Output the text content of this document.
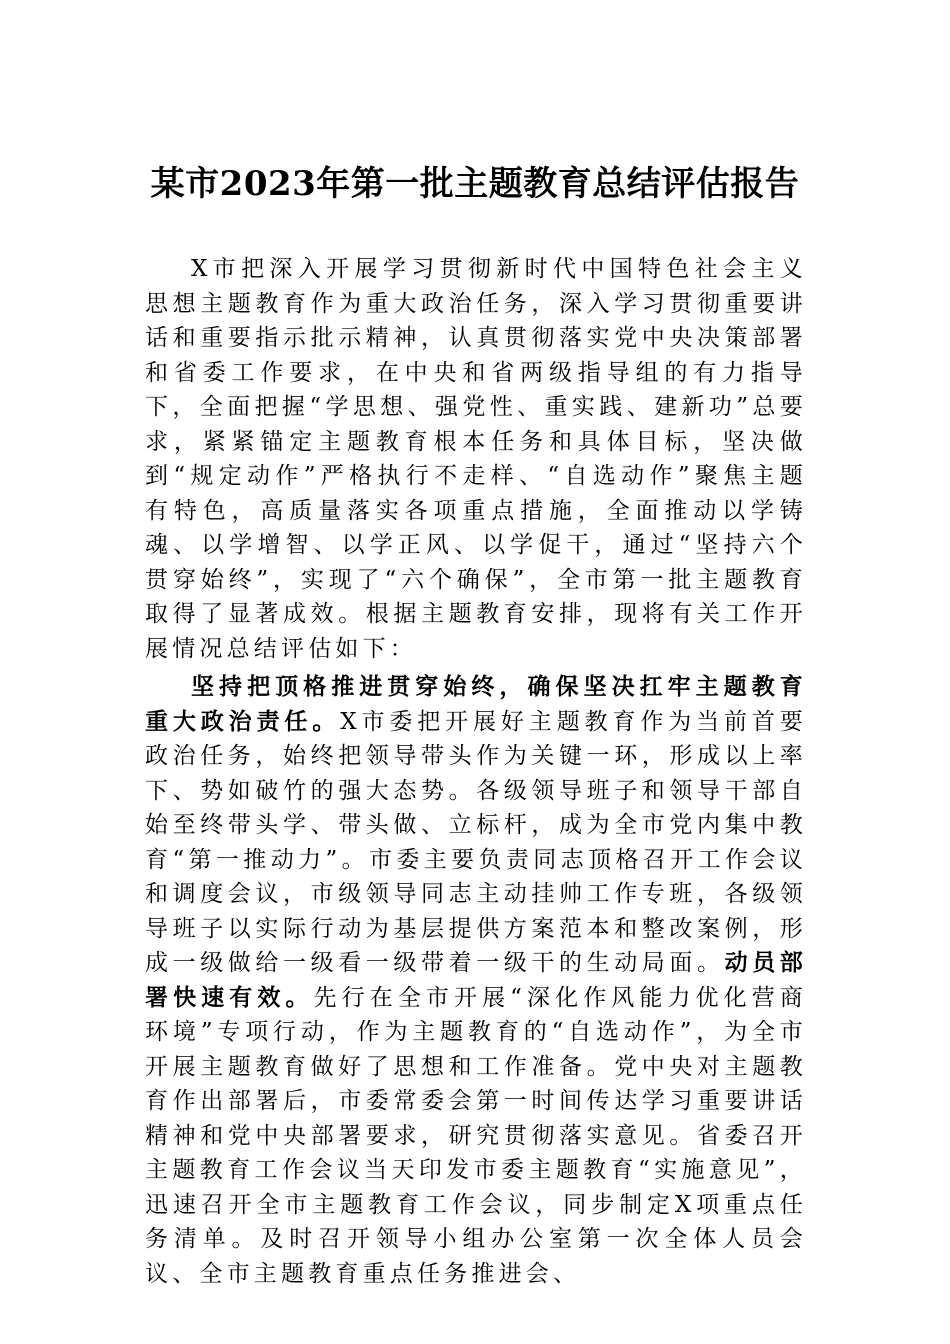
某市2023年第一批主题教育总结评估报告

X市把深入开展学习贯彻新时代中国特色社会主义思想主题教育作为重大政治任务，深入学习贯彻重要讲话和重要指示批示精神，认真贯彻落实党中央决策部署和省委工作要求，在中央和省两级指导组的有力指导下，全面把握“学思想、强党性、重实践、建新功”总要求，紧紧锚定主题教育根本任务和具体目标，坚决做到“规定动作”严格执行不走样、“自选动作”聚焦主题有特色，高质量落实各项重点措施，全面推动以学铸魂、以学增智、以学正风、以学促干，通过“坚持六个贯穿始终”，实现了“六个确保”，全市第一批主题教育取得了显著成效。根据主题教育安排，现将有关工作开展情况总结评估如下：

坚持把顶格推进贯穿始终，确保坚决扛牢主题教育重大政治责任。X市委把开展好主题教育作为当前首要政治任务，始终把领导带头作为关键一环，形成以上率下、势如破竹的强大态势。各级领导班子和领导干部自始至终带头学、带头做、立标杆，成为全市党内集中教育“第一推动力”。市委主要负责同志顶格召开工作会议和调度会议，市级领导同志主动挂帅工作专班，各级领导班子以实际行动为基层提供方案范本和整改案例，形成一级做给一级看一级带着一级干的生动局面。动员部署快速有效。先行在全市开展“深化作风能力优化营商环境”专项行动，作为主题教育的“自选动作”，为全市开展主题教育做好了思想和工作准备。党中央对主题教育作出部署后，市委常委会第一时间传达学习重要讲话精神和党中央部署要求，研究贯彻落实意见。省委召开主题教育工作会议当天印发市委主题教育“实施意见”，迅速召开全市主题教育工作会议，同步制定X项重点任务清单。及时召开领导小组办公室第一次全体人员会议、全市主题教育重点任务推进会、
